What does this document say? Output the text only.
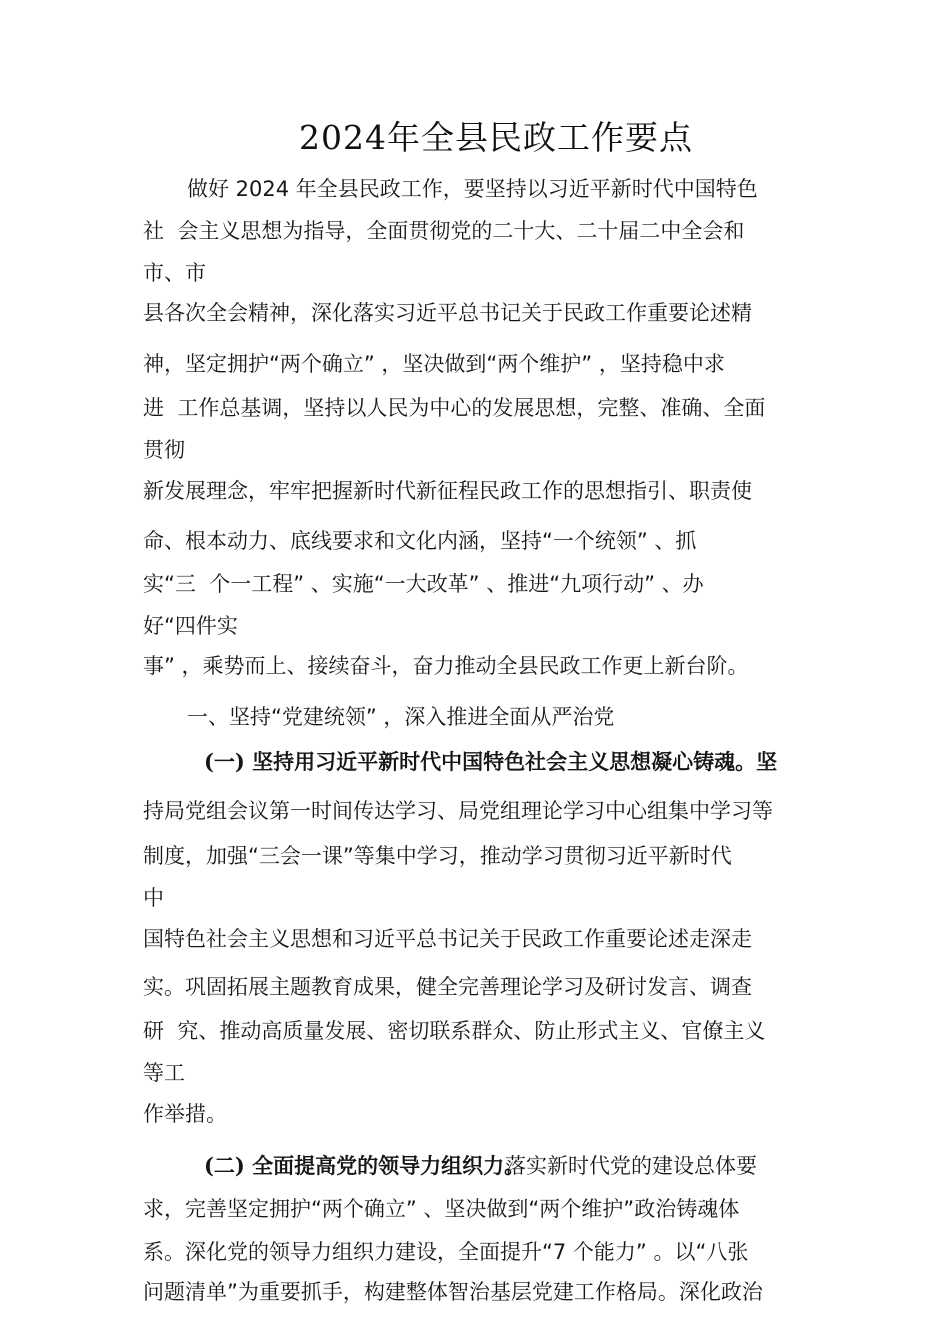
2024年全县民政工作要点
做好 2024 年全县民政工作，要坚持以习近平新时代中国特色
社  会主义思想为指导，全面贯彻党的二十大、二十届二中全会和
市、市
县各次全会精神，深化落实习近平总书记关于民政工作重要论述精
神，坚定拥护“两个确立” ，坚决做到“两个维护” ，坚持稳中求
进  工作总基调，坚持以人民为中心的发展思想，完整、准确、全面
贯彻
新发展理念，牢牢把握新时代新征程民政工作的思想指引、职责使
命、根本动力、底线要求和文化内涵，坚持“一个统领” 、抓
实“三  个一工程” 、实施“一大改革” 、推进“九项行动” 、办
好“四件实
事” ，乘势而上、接续奋斗，奋力推动全县民政工作更上新台阶。
一、坚持“党建统领” ，深入推进全面从严治党
(一) 坚持用习近平新时代中国特色社会主义思想凝心铸魂。坚
持局党组会议第一时间传达学习、局党组理论学习中心组集中学习等
制度，加强“三会一课”等集中学习，推动学习贯彻习近平新时代
中
国特色社会主义思想和习近平总书记关于民政工作重要论述走深走
实。巩固拓展主题教育成果，健全完善理论学习及研讨发言、调查
研  究、推动高质量发展、密切联系群众、防止形式主义、官僚主义
等工
作举措。
(二) 全面提高党的领导力组织力。
落实新时代党的建设总体要
求，完善坚定拥护“两个确立” 、坚决做到“两个维护”政治铸魂体
系。深化党的领导力组织力建设，全面提升“7 个能力” 。以“八张
问题清单”为重要抓手，构建整体智治基层党建工作格局。深化政治
